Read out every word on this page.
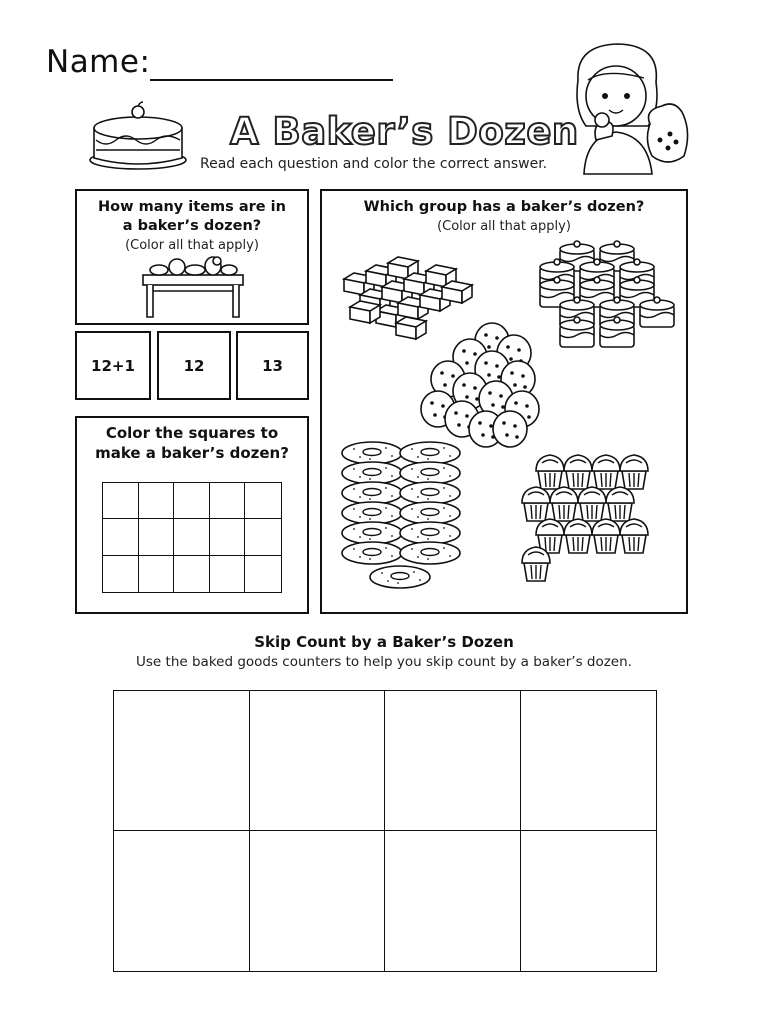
Name:
A Baker’s Dozen
Read each question and color the correct answer.
How many items are in
a baker’s dozen?
(Color all that apply)
12+1	12	13
Color the squares to
make a baker’s dozen?
Which group has a baker’s dozen?
(Color all that apply)
Skip Count by a Baker’s Dozen
Use the baked goods counters to help you skip count by a baker’s dozen.
